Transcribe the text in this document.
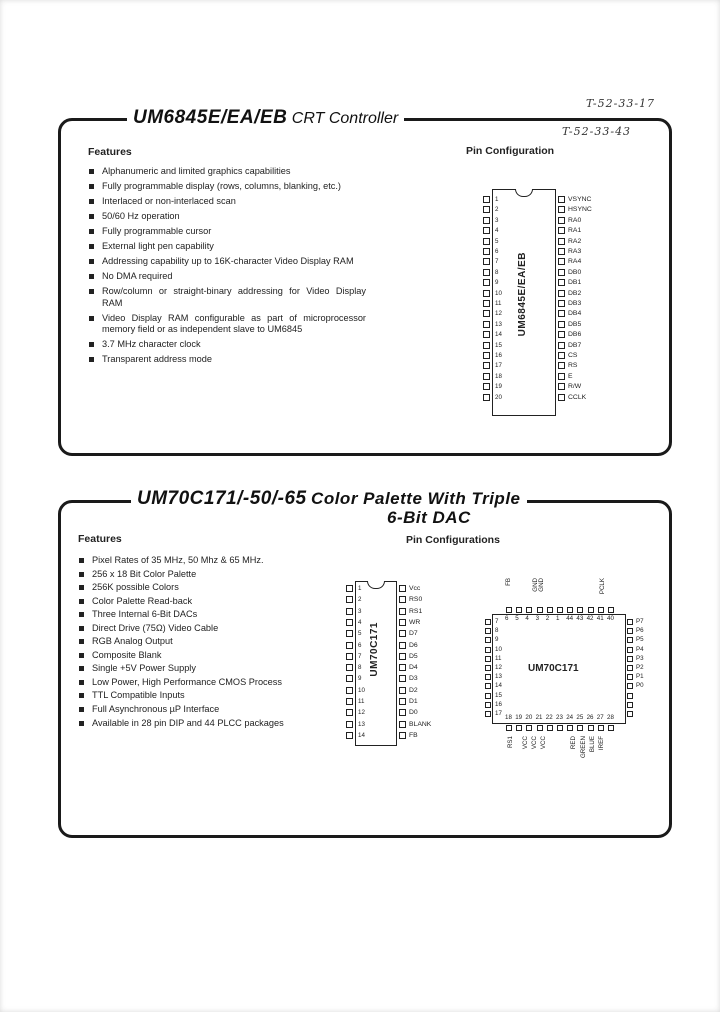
T-52-33-17
T-52-33-43
UM6845E/EA/EB CRT Controller
Features
Alphanumeric and limited graphics capabilities
Fully programmable display (rows, columns, blanking, etc.)
Interlaced or non-interlaced scan
50/60 Hz operation
Fully programmable cursor
External light pen capability
Addressing capability up to 16K-character Video Display RAM
No DMA required
Row/column or straight-binary addressing for Video Display RAM
Video Display RAM configurable as part of microprocessor memory field or as independent slave to UM6845
3.7 MHz character clock
Transparent address mode
Pin Configuration
UM6845E/EA/EB
1
2
3
4
5
6
7
8
9
10
11
12
13
14
15
16
17
18
19
20
VSYNC
HSYNC
RA0
RA1
RA2
RA3
RA4
DB0
DB1
DB2
DB3
DB4
DB5
DB6
DB7
CS
RS
E
R/W
CCLK
UM70C171/-50/-65 Color Palette With Triple
6-Bit DAC
Features
Pixel Rates of 35 MHz, 50 Mhz & 65 MHz.
256 x 18 Bit Color Palette
256K possible Colors
Color Palette Read-back
Three Internal 6-Bit DACs
Direct Drive (75Ω) Video Cable
RGB Analog Output
Composite Blank
Single +5V Power Supply
Low Power, High Performance CMOS Process
TTL Compatible Inputs
Full Asynchronous µP Interface
Available in 28 pin DIP and 44 PLCC packages
Pin Configurations
UM70C171
1
2
3
4
5
6
7
8
9
10
11
12
13
14
Vcc
RS0
RS1
WR
D7
D6
D5
D4
D3
D2
D1
D0
BLANK
FB
UM70C171
6 5 4 3 2 1 44 43 42 41 40
18 19 20 21 22 23 24 25 26 27 28
7
8
9
10
11
12
13
14
15
16
17
P7
P6
P5
P4
P3
P2
P1
P0
FB	GND GND	PCLK
RS1 VCC VCC VCC	RED GREEN BLUE IREF
